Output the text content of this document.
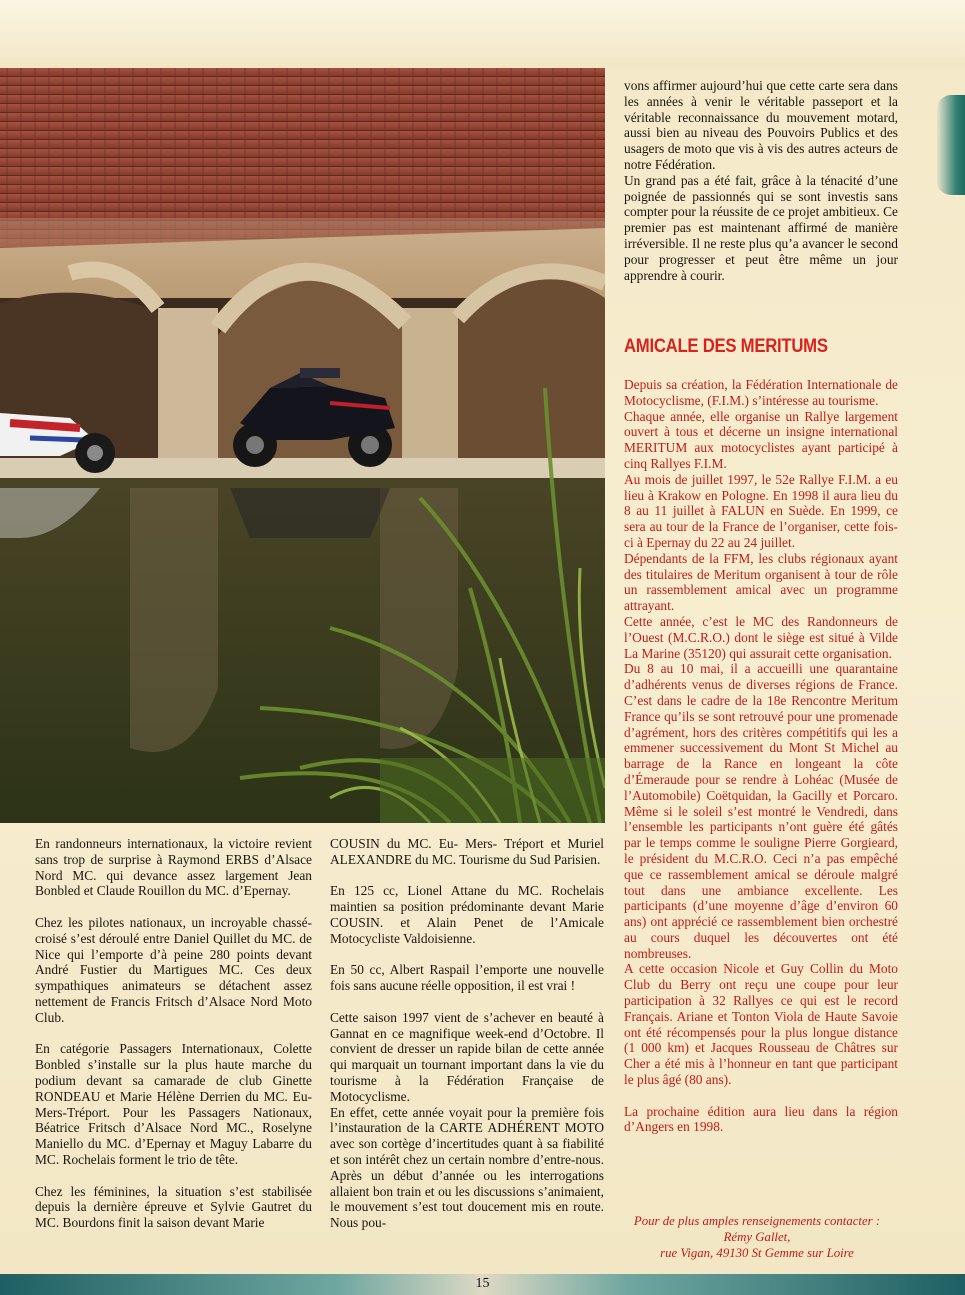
En randonneurs internationaux, la victoire revient sans trop de surprise à Raymond ERBS d’Alsace Nord MC. qui devance assez largement Jean Bonbled et Claude Rouillon du MC. d’Epernay.

Chez les pilotes nationaux, un incroyable chassé-croisé s’est déroulé entre Daniel Quillet du MC. de Nice qui l’emporte d’à peine 280 points devant André Fustier du Martigues MC. Ces deux sympathiques animateurs se détachent assez nettement de Francis Fritsch d’Alsace Nord Moto Club.

En catégorie Passagers Internationaux, Colette Bonbled s’installe sur la plus haute marche du podium devant sa camarade de club Ginette RONDEAU et Marie Hélène Derrien du MC. Eu-Mers-Tréport. Pour les Passagers Nationaux, Béatrice Fritsch d’Alsace Nord MC., Roselyne Maniello du MC. d’Epernay et Maguy Labarre du MC. Rochelais forment le trio de tête.

Chez les féminines, la situation s’est stabilisée depuis la dernière épreuve et Sylvie Gautret du MC. Bourdons finit la saison devant Marie

COUSIN du MC. Eu- Mers- Tréport et Muriel ALEXANDRE du MC. Tourisme du Sud Parisien.

En 125 cc, Lionel Attane du MC. Rochelais maintien sa position prédominante devant Marie COUSIN. et Alain Penet de l’Amicale Motocycliste Valdoisienne.

En 50 cc, Albert Raspail l’emporte une nouvelle fois sans aucune réelle opposition, il est vrai !

Cette saison 1997 vient de s’achever en beauté à Gannat en ce magnifique week-end d’Octobre. Il convient de dresser un rapide bilan de cette année qui marquait un tournant important dans la vie du tourisme à la Fédération Française de Motocyclisme.

En effet, cette année voyait pour la première fois l’instauration de la CARTE ADHÉRENT MOTO avec son cortège d’incertitudes quant à sa fiabilité et son intérêt chez un certain nombre d’entre-nous. Après un début d’année ou les interrogations allaient bon train et ou les discussions s’animaient, le mouvement s’est tout doucement mis en route. Nous pou-

vons affirmer aujourd’hui que cette carte sera dans les années à venir le véritable passeport et la véritable reconnaissance du mouvement motard, aussi bien au niveau des Pouvoirs Publics et des usagers de moto que vis à vis des autres acteurs de notre Fédération.

Un grand pas a été fait, grâce à la ténacité d’une poignée de passionnés qui se sont investis sans compter pour la réussite de ce projet ambitieux. Ce premier pas est maintenant affirmé de manière irréversible. Il ne reste plus qu’a avancer le second pour progresser et peut être même un jour apprendre à courir.

AMICALE DES MERITUMS

Depuis sa création, la Fédération Internationale de Motocyclisme, (F.I.M.) s’intéresse au tourisme.

Chaque année, elle organise un Rallye largement ouvert à tous et décerne un insigne international MERITUM aux motocyclistes ayant participé à cinq Rallyes F.I.M.

Au mois de juillet 1997, le 52e Rallye F.I.M. a eu lieu à Krakow en Pologne. En 1998 il aura lieu du 8 au 11 juillet à FALUN en Suède. En 1999, ce sera au tour de la France de l’organiser, cette fois-ci à Epernay du 22 au 24 juillet.

Dépendants de la FFM, les clubs régionaux ayant des titulaires de Meritum organisent à tour de rôle un rassemblement amical avec un programme attrayant.

Cette année, c’est le MC des Randonneurs de l’Ouest (M.C.R.O.) dont le siège est situé à Vilde La Marine (35120) qui assurait cette organisation.

Du 8 au 10 mai, il a accueilli une quarantaine d’adhérents venus de diverses régions de France. C’est dans le cadre de la 18e Rencontre Meritum France qu’ils se sont retrouvé pour une promenade d’agrément, hors des critères compétitifs qui les a emmener successivement du Mont St Michel au barrage de la Rance en longeant la côte d’Émeraude pour se rendre à Lohéac (Musée de l’Automobile) Coëtquidan, la Gacilly et Porcaro. Même si le soleil s’est montré le Vendredi, dans l’ensemble les participants n’ont guère été gâtés par le temps comme le souligne Pierre Gorgieard, le président du M.C.R.O. Ceci n’a pas empêché que ce rassemblement amical se déroule malgré tout dans une ambiance excellente. Les participants (d’une moyenne d’âge d’environ 60 ans) ont apprécié ce rassemblement bien orchestré au cours duquel les découvertes ont été nombreuses.

A cette occasion Nicole et Guy Collin du Moto Club du Berry ont reçu une coupe pour leur participation à 32 Rallyes ce qui est le record Français. Ariane et Tonton Viola de Haute Savoie ont été récompensés pour la plus longue distance (1 000 km) et Jacques Rousseau de Châtres sur Cher a été mis à l’honneur en tant que participant le plus âgé (80 ans).

La prochaine édition aura lieu dans la région d’Angers en 1998.

Pour de plus amples renseignements contacter :
Rémy Gallet,
rue Vigan, 49130 St Gemme sur Loire
15
